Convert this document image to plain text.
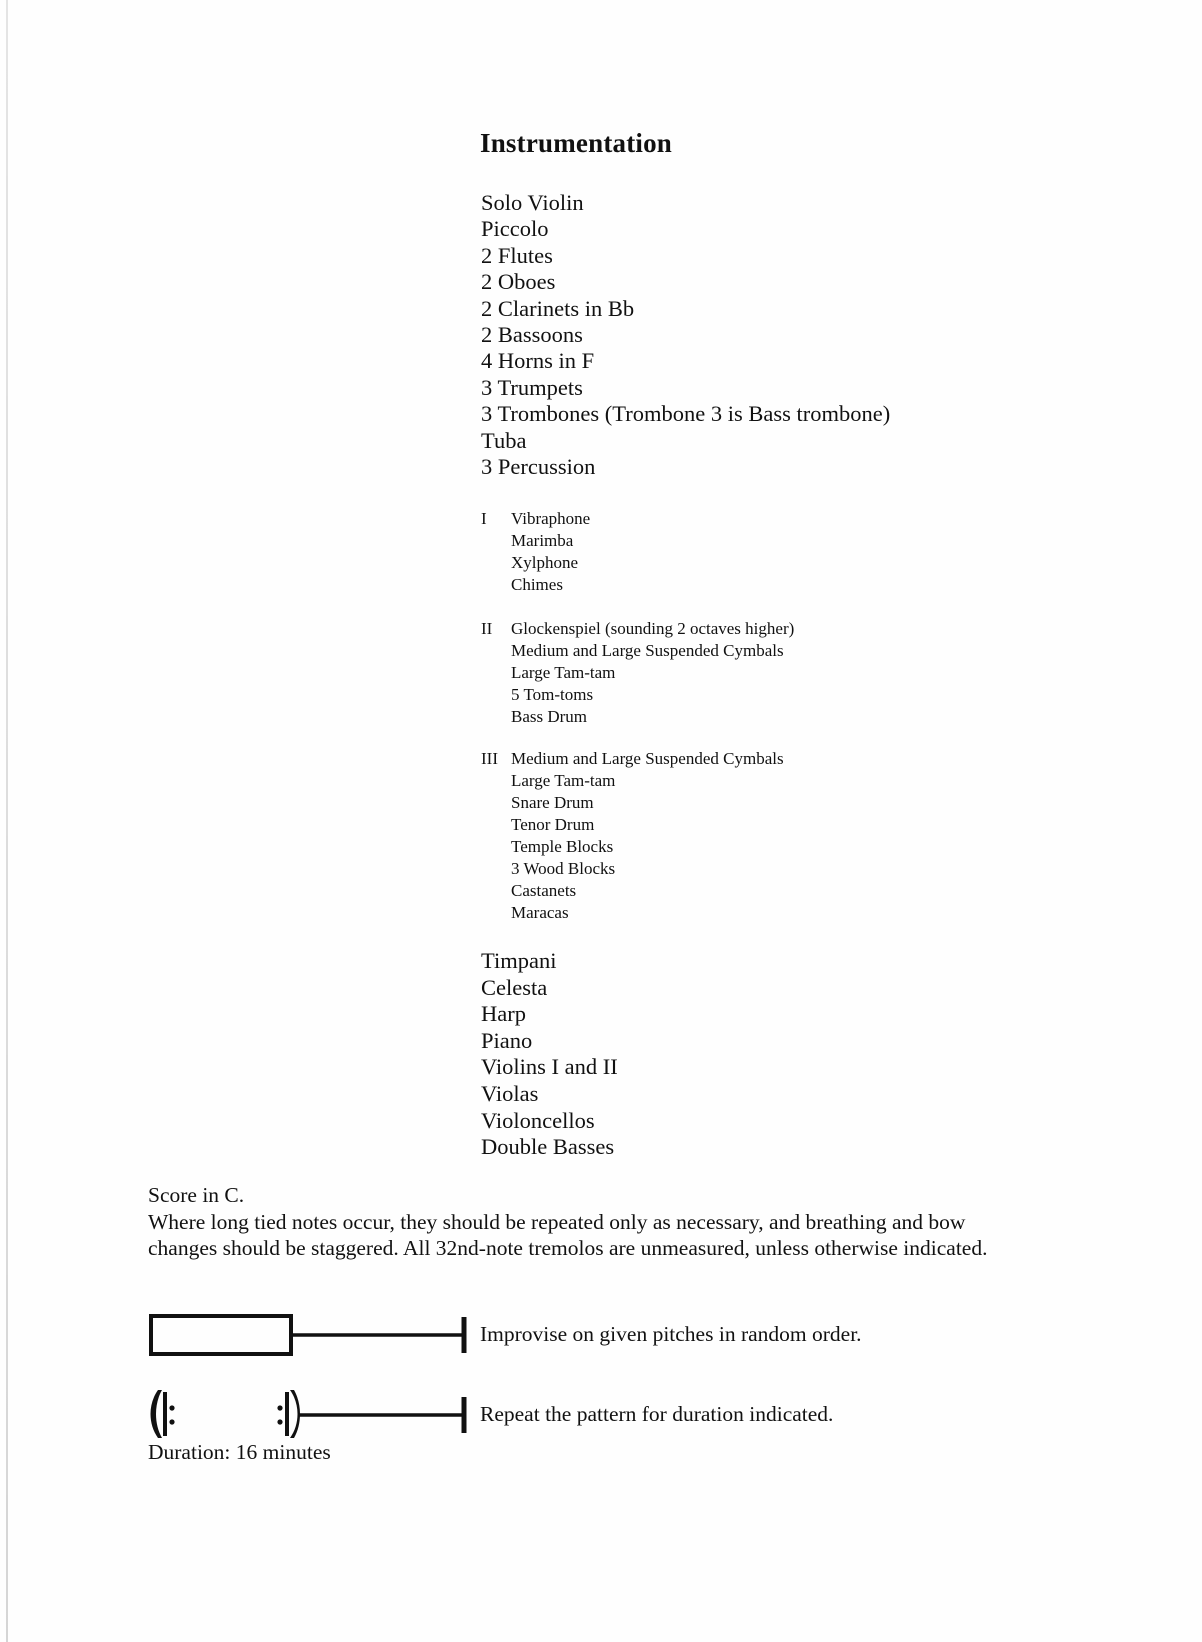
Instrumentation
Solo Violin
Piccolo
2 Flutes
2 Oboes
2 Clarinets in Bb
2 Bassoons
4 Horns in F
3 Trumpets
3 Trombones (Trombone 3 is Bass trombone)
Tuba
3 Percussion
I	Vibraphone
Marimba
Xylphone
Chimes
II	Glockenspiel (sounding 2 octaves higher)
Medium and Large Suspended Cymbals
Large Tam-tam
5 Tom-toms
Bass Drum
III Medium and Large Suspended Cymbals
Large Tam-tam
Snare Drum
Tenor Drum
Temple Blocks
3 Wood Blocks
Castanets
Maracas
Timpani
Celesta
Harp
Piano
Violins I and II
Violas
Violoncellos
Double Basses

Score in C.

Where long tied notes occur, they should be repeated only as necessary, and breathing and bow changes should be staggered. All 32nd-note tremolos are unmeasured, unless otherwise indicated.

Improvise on given pitches in random order.
Repeat the pattern for duration indicated.
Duration: 16 minutes
